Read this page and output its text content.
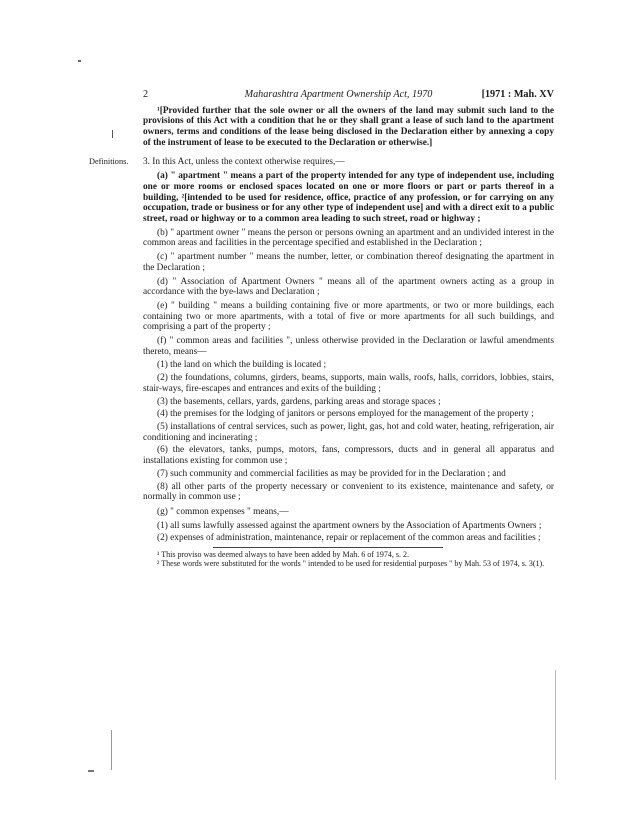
2	Maharashtra Apartment Ownership Act, 1970	[1971 : Mah. XV

¹[Provided further that the sole owner or all the owners of the land may submit such land to the provisions of this Act with a condition that he or they shall grant a lease of such land to the apartment owners, terms and conditions of the lease being disclosed in the Declaration either by annexing a copy of the instrument of lease to be executed to the Declaration or otherwise.]

Definitions. 3. In this Act, unless the context otherwise requires,—

(a) " apartment " means a part of the property intended for any type of independent use, including one or more rooms or enclosed spaces located on one or more floors or part or parts thereof in a building, ²[intended to be used for residence, office, practice of any profession, or for carrying on any occupation, trade or business or for any other type of independent use] and with a direct exit to a public street, road or highway or to a common area leading to such street, road or highway ;

(b) " apartment owner " means the person or persons owning an apartment and an undivided interest in the common areas and facilities in the percentage specified and established in the Declaration ;

(c) " apartment number " means the number, letter, or combination thereof designating the apartment in the Declaration ;

(d) " Association of Apartment Owners " means all of the apartment owners acting as a group in accordance with the bye-laws and Declaration ;

(e) " building " means a building containing five or more apartments, or two or more buildings, each containing two or more apartments, with a total of five or more apartments for all such buildings, and comprising a part of the property ;

(f) " common areas and facilities ", unless otherwise provided in the Declaration or lawful amendments thereto, means—

(1) the land on which the building is located ;

(2) the foundations, columns, girders, beams, supports, main walls, roofs, halls, corridors, lobbies, stairs, stair-ways, fire-escapes and entrances and exits of the building ;

(3) the basements, cellars, yards, gardens, parking areas and storage spaces ;

(4) the premises for the lodging of janitors or persons employed for the management of the property ;

(5) installations of central services, such as power, light, gas, hot and cold water, heating, refrigeration, air conditioning and incinerating ;

(6) the elevators, tanks, pumps, motors, fans, compressors, ducts and in general all apparatus and installations existing for common use ;

(7) such community and commercial facilities as may be provided for in the Declaration ; and

(8) all other parts of the property necessary or convenient to its existence, maintenance and safety, or normally in common use ;

(g) " common expenses " means,—

(1) all sums lawfully assessed against the apartment owners by the Association of Apartments Owners ;

(2) expenses of administration, maintenance, repair or replacement of the common areas and facilities ;

¹ This proviso was deemed always to have been added by Mah. 6 of 1974, s. 2.

² These words were substituted for the words " intended to be used for residential purposes " by Mah. 53 of 1974, s. 3(1).
